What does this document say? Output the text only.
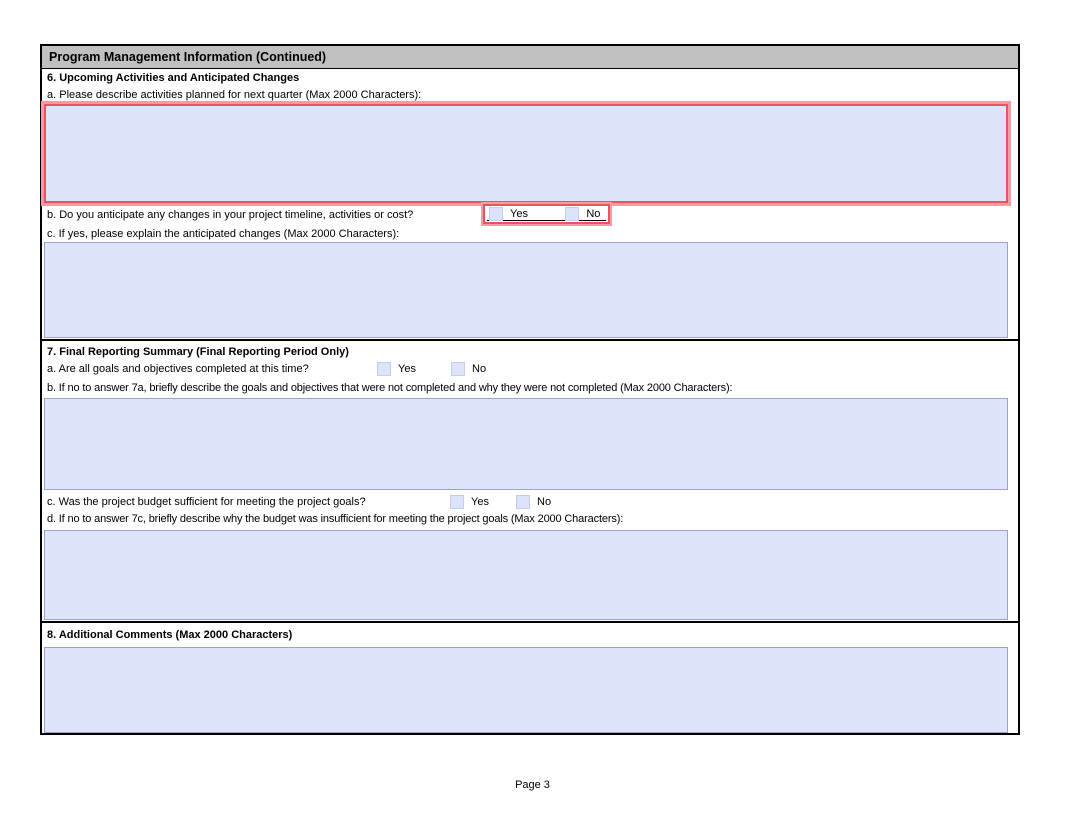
Program Management Information (Continued)
6. Upcoming Activities and Anticipated Changes
a. Please describe activities planned for next quarter (Max 2000 Characters):
b. Do you anticipate any changes in your project timeline, activities or cost?	Yes	No
c. If yes, please explain the anticipated changes (Max 2000 Characters):
7. Final Reporting Summary (Final Reporting Period Only)
a. Are all goals and objectives completed at this time?	Yes	No
b. If no to answer 7a, briefly describe the goals and objectives that were not completed and why they were not completed (Max 2000 Characters):
c. Was the project budget sufficient for meeting the project goals?	Yes	No
d. If no to answer 7c, briefly describe why the budget was insufficient for meeting the project goals (Max 2000 Characters):
8. Additional Comments (Max 2000 Characters)
Page 3
